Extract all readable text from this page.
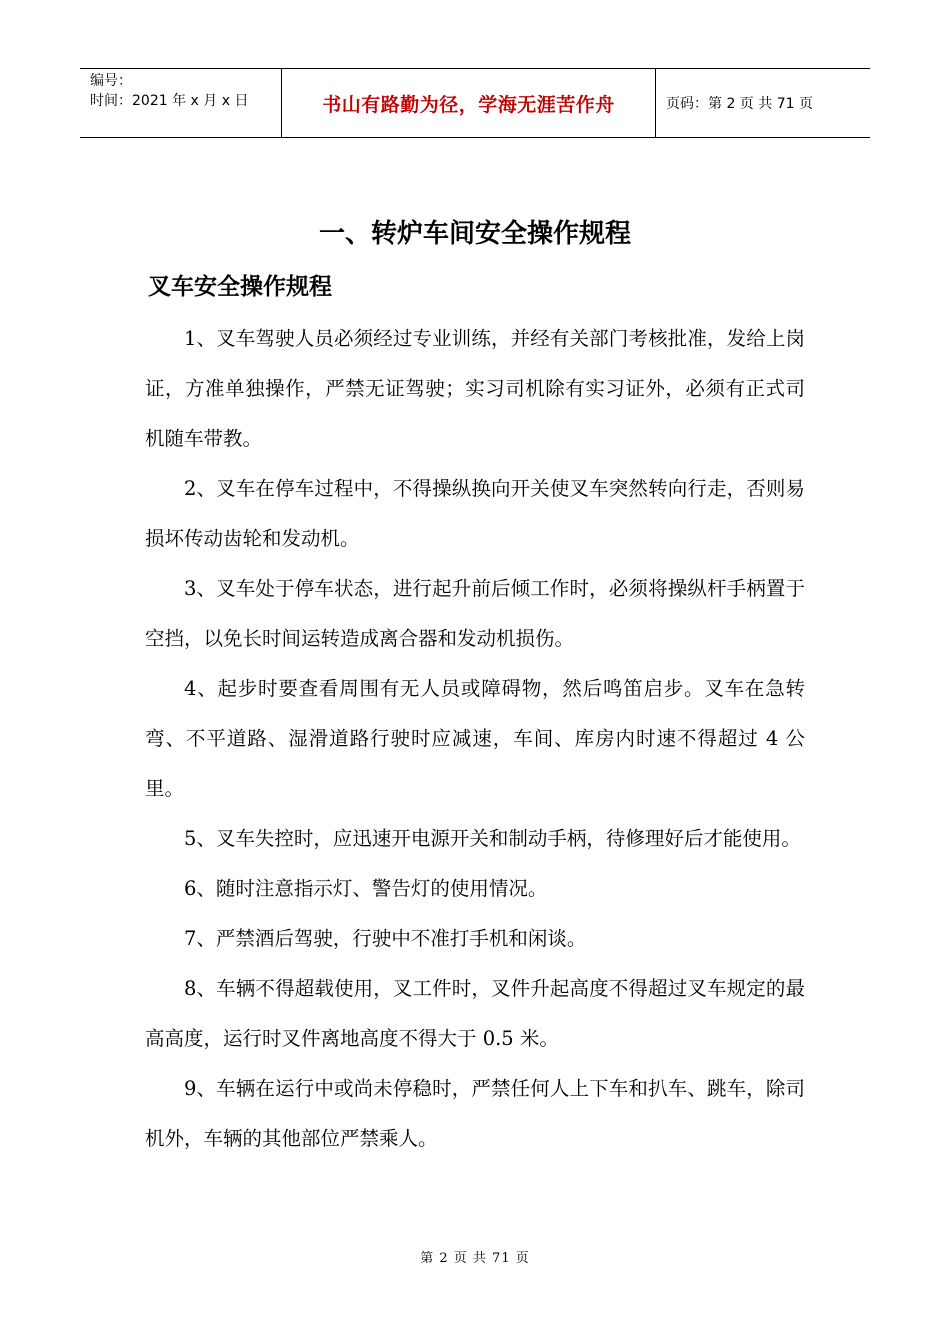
编号：
时间：2021 年 x 月 x 日	书山有路勤为径，学海无涯苦作舟	页码：第 2 页 共 71 页
一、转炉车间安全操作规程
叉车安全操作规程

1、叉车驾驶人员必须经过专业训练，并经有关部门考核批准，发给上岗证，方准单独操作，严禁无证驾驶；实习司机除有实习证外，必须有正式司机随车带教。

2、叉车在停车过程中，不得操纵换向开关使叉车突然转向行走，否则易损坏传动齿轮和发动机。

3、叉车处于停车状态，进行起升前后倾工作时，必须将操纵杆手柄置于空挡，以免长时间运转造成离合器和发动机损伤。

4、起步时要查看周围有无人员或障碍物，然后鸣笛启步。叉车在急转弯、不平道路、湿滑道路行驶时应减速，车间、库房内时速不得超过 4 公里。

5、叉车失控时，应迅速开电源开关和制动手柄，待修理好后才能使用。

6、随时注意指示灯、警告灯的使用情况。

7、严禁酒后驾驶，行驶中不准打手机和闲谈。

8、车辆不得超载使用，叉工件时，叉件升起高度不得超过叉车规定的最高高度，运行时叉件离地高度不得大于 0.5 米。

9、车辆在运行中或尚未停稳时，严禁任何人上下车和扒车、跳车，除司机外，车辆的其他部位严禁乘人。

第 2 页 共 71 页
